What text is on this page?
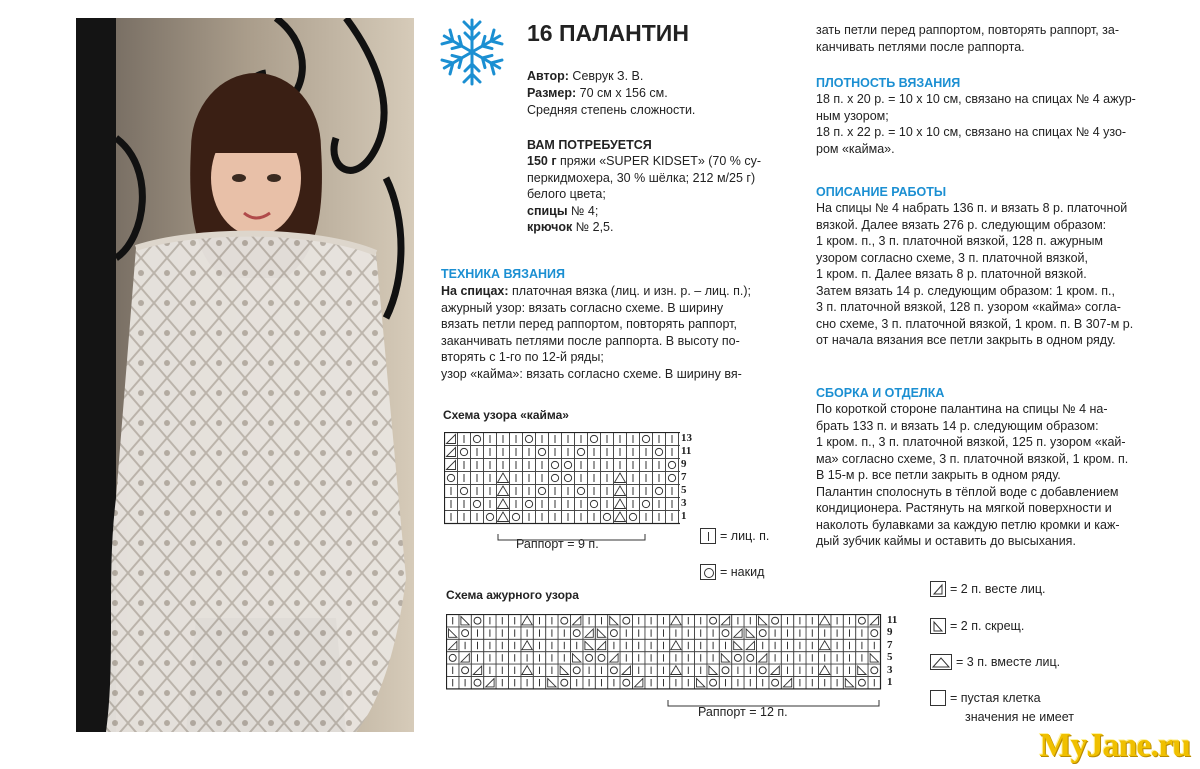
16 ПАЛАНТИН
Автор: Севрук З. В.
Размер: 70 см х 156 см.
Средняя степень сложности.
ВАМ ПОТРЕБУЕТСЯ
150 г пряжи «SUPER KIDSET» (70 % су-
перкидмохера, 30 % шёлка; 212 м/25 г)
белого цвета;
спицы № 4;
крючок № 2,5.
ТЕХНИКА ВЯЗАНИЯ
На спицах: платочная вязка (лиц. и изн. р. – лиц. п.);
ажурный узор: вязать согласно схеме. В ширину
вязать петли перед раппортом, повторять раппорт,
заканчивать петлями после раппорта. В высоту по-
вторять с 1-го по 12-й ряды;
узор «кайма»: вязать согласно схеме. В ширину вя-
Схема узора «кайма»
13
11
9
7
5
3
1
Раппорт = 9 п.
= лиц. п.
= накид
Схема ажурного узора
11
9
7
5
3
1
Раппорт = 12 п.
зать петли перед раппортом, повторять раппорт, за-
канчивать петлями после раппорта.
ПЛОТНОСТЬ ВЯЗАНИЯ
18 п. х 20 р. = 10 х 10 см, связано на спицах № 4 ажур-
ным узором;
18 п. х 22 р. = 10 х 10 см, связано на спицах № 4 узо-
ром «кайма».
ОПИСАНИЕ РАБОТЫ
На спицы № 4 набрать 136 п. и вязать 8 р. платочной
вязкой. Далее вязать 276 р. следующим образом:
1 кром. п., 3 п. платочной вязкой, 128 п. ажурным
узором согласно схеме, 3 п. платочной вязкой,
1 кром. п. Далее вязать 8 р. платочной вязкой.
Затем вязать 14 р. следующим образом: 1 кром. п.,
3 п. платочной вязкой, 128 п. узором «кайма» согла-
сно схеме, 3 п. платочной вязкой, 1 кром. п. В 307-м р.
от начала вязания все петли закрыть в одном ряду.
СБОРКА И ОТДЕЛКА
По короткой стороне палантина на спицы № 4 на-
брать 133 п. и вязать 14 р. следующим образом:
1 кром. п., 3 п. платочной вязкой, 125 п. узором «кай-
ма» согласно схеме, 3 п. платочной вязкой, 1 кром. п.
В 15-м р. все петли закрыть в одном ряду.
Палантин сполоснуть в тёплой воде с добавлением
кондиционера. Растянуть на мягкой поверхности и
наколоть булавками за каждую петлю кромки и каж-
дый зубчик каймы и оставить до высыхания.
= 2 п. весте лиц.
= 2 п. скрещ.
= 3 п. вместе лиц.
= пустая клетка
значения не имеет
MyJane.ru
